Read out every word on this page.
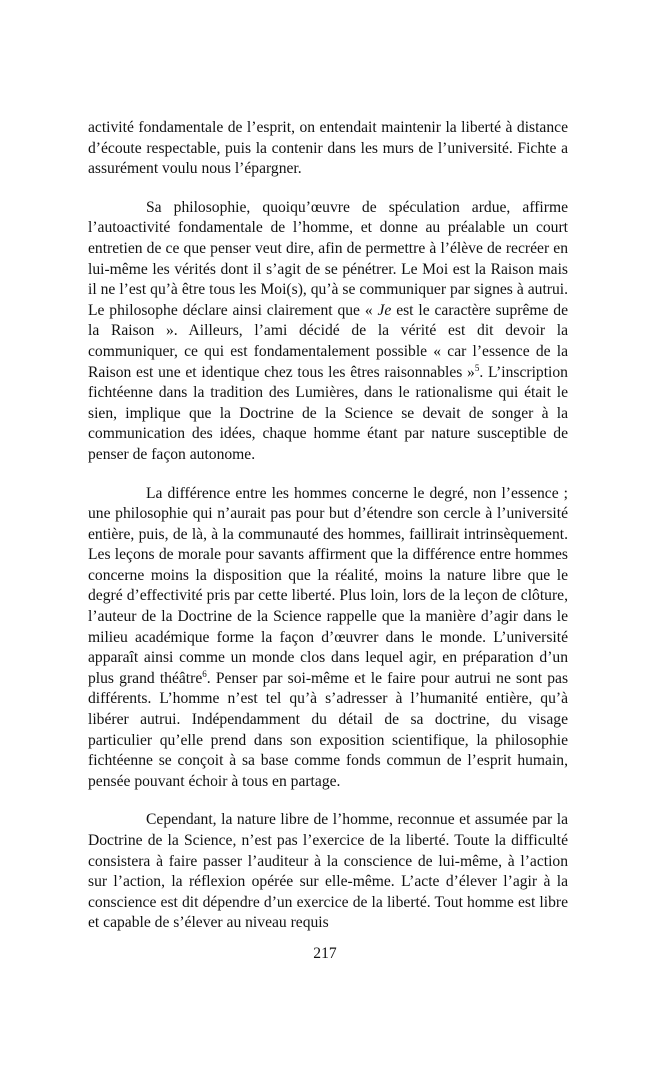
activité fondamentale de l’esprit, on entendait maintenir la liberté à distance d’écoute respectable, puis la contenir dans les murs de l’université. Fichte a assurément voulu nous l’épargner.

Sa philosophie, quoiqu’œuvre de spéculation ardue, affirme l’autoactivité fondamentale de l’homme, et donne au préalable un court entretien de ce que penser veut dire, afin de permettre à l’élève de recréer en lui-même les vérités dont il s’agit de se pénétrer. Le Moi est la Raison mais il ne l’est qu’à être tous les Moi(s), qu’à se communiquer par signes à autrui. Le philosophe déclare ainsi clairement que « Je est le caractère suprême de la Raison ». Ailleurs, l’ami décidé de la vérité est dit devoir la communiquer, ce qui est fondamentalement possible « car l’essence de la Raison est une et identique chez tous les êtres raisonnables »$^5$. L’inscription fichtéenne dans la tradition des Lumières, dans le rationalisme qui était le sien, implique que la Doctrine de la Science se devait de songer à la communication des idées, chaque homme étant par nature susceptible de penser de façon autonome.

La différence entre les hommes concerne le degré, non l’essence ; une philosophie qui n’aurait pas pour but d’étendre son cercle à l’université entière, puis, de là, à la communauté des hommes, faillirait intrinsèquement. Les leçons de morale pour savants affirment que la différence entre hommes concerne moins la disposition que la réalité, moins la nature libre que le degré d’effectivité pris par cette liberté. Plus loin, lors de la leçon de clôture, l’auteur de la Doctrine de la Science rappelle que la manière d’agir dans le milieu académique forme la façon d’œuvrer dans le monde. L’université apparaît ainsi comme un monde clos dans lequel agir, en préparation d’un plus grand théâtre$^6$. Penser par soi-même et le faire pour autrui ne sont pas différents. L’homme n’est tel qu’à s’adresser à l’humanité entière, qu’à libérer autrui. Indépendamment du détail de sa doctrine, du visage particulier qu’elle prend dans son exposition scientifique, la philosophie fichtéenne se conçoit à sa base comme fonds commun de l’esprit humain, pensée pouvant échoir à tous en partage.

Cependant, la nature libre de l’homme, reconnue et assumée par la Doctrine de la Science, n’est pas l’exercice de la liberté. Toute la difficulté consistera à faire passer l’auditeur à la conscience de lui-même, à l’action sur l’action, la réflexion opérée sur elle-même. L’acte d’élever l’agir à la conscience est dit dépendre d’un exercice de la liberté. Tout homme est libre et capable de s’élever au niveau requis

217
